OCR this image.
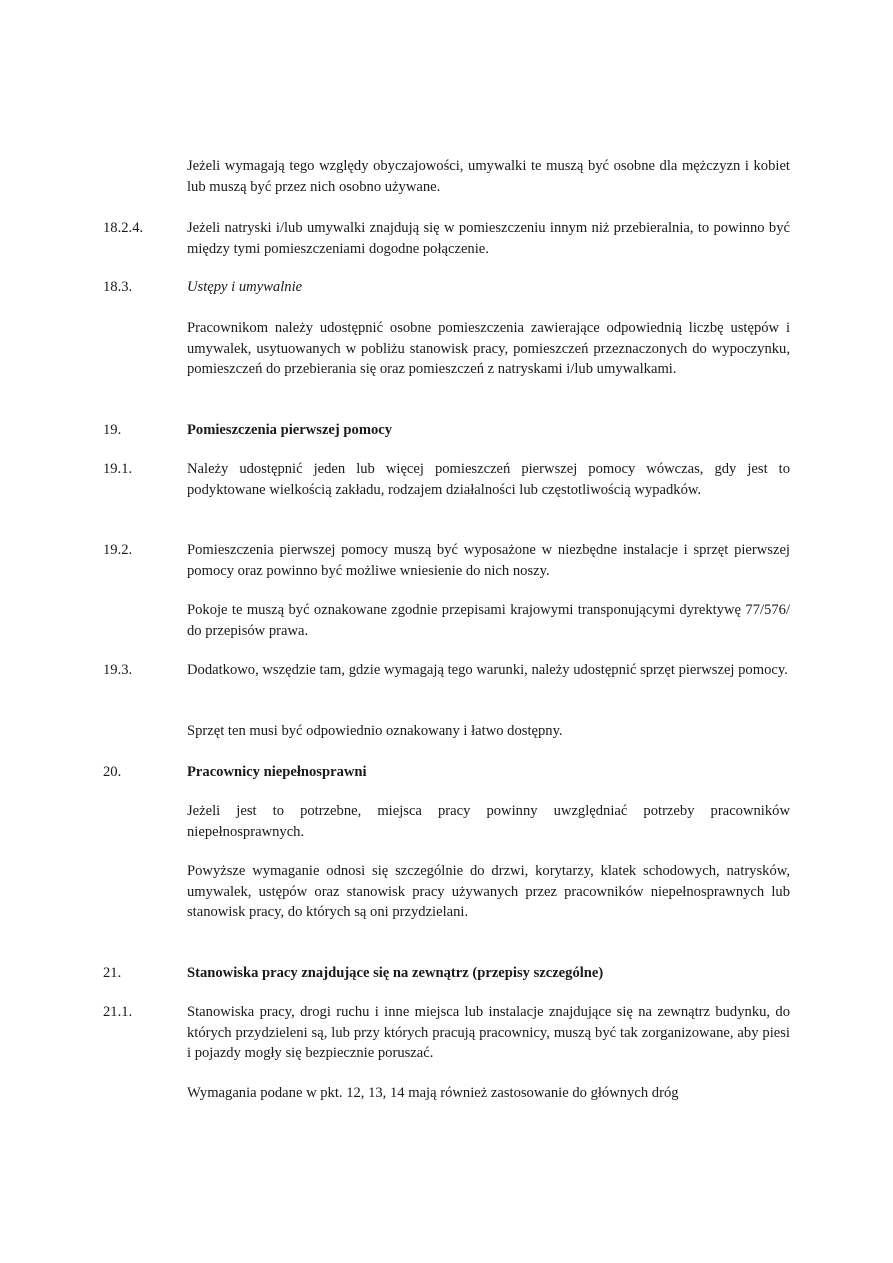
Jeżeli wymagają tego względy obyczajowości, umywalki te muszą być osobne dla mężczyzn i kobiet lub muszą być przez nich osobno używane.
18.2.4.	Jeżeli natryski i/lub umywalki znajdują się w pomieszczeniu innym niż przebieralnia, to powinno być między tymi pomieszczeniami dogodne połączenie.
18.3.	Ustępy i umywalnie
Pracownikom należy udostępnić osobne pomieszczenia zawierające odpowiednią liczbę ustępów i umywalek, usytuowanych w pobliżu stanowisk pracy, pomieszczeń przeznaczonych do wypoczynku, pomieszczeń do przebierania się oraz pomieszczeń z natryskami i/lub umywalkami.
19.	Pomieszczenia pierwszej pomocy
19.1.	Należy udostępnić jeden lub więcej pomieszczeń pierwszej pomocy wówczas, gdy jest to podyktowane wielkością zakładu, rodzajem działalności lub częstotliwością wypadków.
19.2.	Pomieszczenia pierwszej pomocy muszą być wyposażone w niezbędne instalacje i sprzęt pierwszej pomocy oraz powinno być możliwe wniesienie do nich noszy.
Pokoje te muszą być oznakowane zgodnie przepisami krajowymi transponującymi dyrektywę 77/576/ do przepisów prawa.
19.3.	Dodatkowo, wszędzie tam, gdzie wymagają tego warunki, należy udostępnić sprzęt pierwszej pomocy.
Sprzęt ten musi być odpowiednio oznakowany i łatwo dostępny.
20.	Pracownicy niepełnosprawni
Jeżeli jest to potrzebne, miejsca pracy powinny uwzględniać potrzeby pracowników niepełnosprawnych.
Powyższe wymaganie odnosi się szczególnie do drzwi, korytarzy, klatek schodowych, natrysków, umywalek, ustępów oraz stanowisk pracy używanych przez pracowników niepełnosprawnych lub stanowisk pracy, do których są oni przydzielani.
21.	Stanowiska pracy znajdujące się na zewnątrz (przepisy szczególne)
21.1.	Stanowiska pracy, drogi ruchu i inne miejsca lub instalacje znajdujące się na zewnątrz budynku, do których przydzieleni są, lub przy których pracują pracownicy, muszą być tak zorganizowane, aby piesi i pojazdy mogły się bezpiecznie poruszać.
Wymagania podane w pkt. 12, 13, 14 mają również zastosowanie do głównych dróg
